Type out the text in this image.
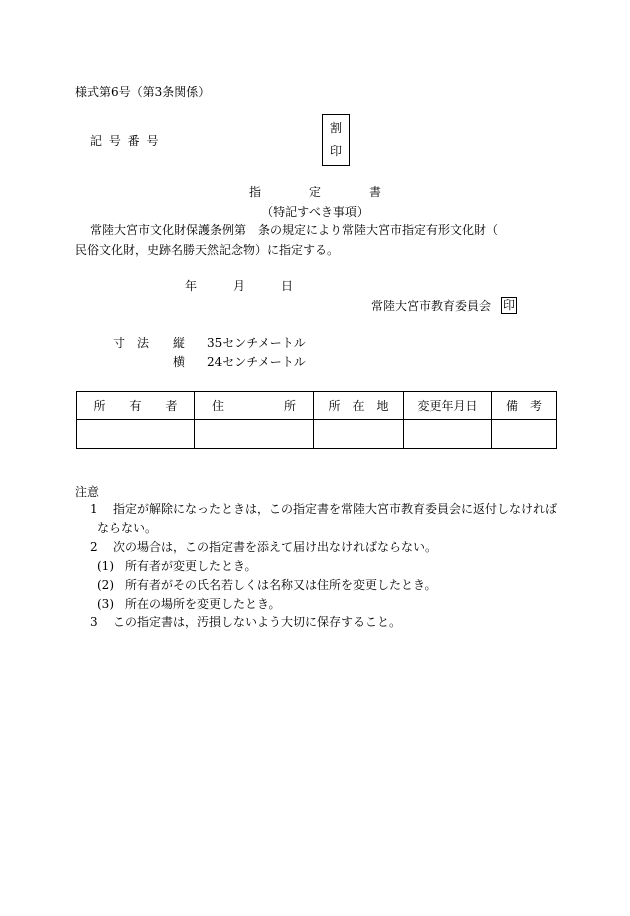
様式第6号（第3条関係）
記 号 番 号
割
印
指　　　　定　　　　書
（特記すべき事項）
常陸大宮市文化財保護条例第　条の規定により常陸大宮市指定有形文化財（
民俗文化財，史跡名勝天然記念物）に指定する。
年　　　月　　　日
常陸大宮市教育委員会 印
寸　法 縦 35センチメートル
横 24センチメートル
所　　有　　者	住　　　　　所	所　在　地	変更年月日	備　考

注意
1 指定が解除になったときは，この指定書を常陸大宮市教育委員会に返付しなければ
ならない。
2 次の場合は，この指定書を添えて届け出なければならない。
(1) 所有者が変更したとき。
(2) 所有者がその氏名若しくは名称又は住所を変更したとき。
(3) 所在の場所を変更したとき。
3 この指定書は，汚損しないよう大切に保存すること。
